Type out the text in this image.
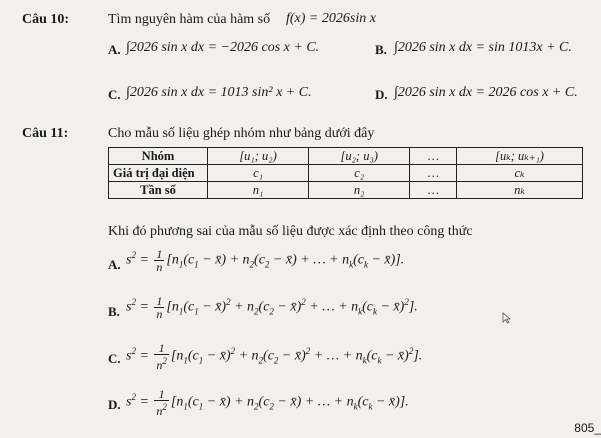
Câu 10:	Tìm nguyên hàm của hàm số f(x) = 2026sin x
A. ∫2026 sin x dx = −2026 cos x + C.	B. ∫2026 sin x dx = sin 1013x + C.
C. ∫2026 sin x dx = 1013 sin² x + C.	D. ∫2026 sin x dx = 2026 cos x + C.
Câu 11:	Cho mẫu số liệu ghép nhóm như bảng dưới đây
Nhóm	[u₁; u₂)	[u₂; u₃)	…	[uₖ; uₖ₊₁)
Giá trị đại diện	c₁	c₂	…	cₖ
Tần số	n₁	n₂	…	nₖ
Khi đó phương sai của mẫu số liệu được xác định theo công thức
A. $s^2 = \frac{1}{n} [n_1(c_1$ − x̄) + $n_2(c_2$ − x̄) + … + $n_k(c_k$ − x̄)].
B. $s^2 = \frac{1}{n} [n_1(c_1$ − x̄)$^2$ + $n_2(c_2$ − x̄)$^2$ + … + $n_k(c_k$ − x̄)$^2$].
C. $s^2 = \frac{1}{n^2} [n_1(c_1$ − x̄)$^2$ + $n_2(c_2$ − x̄)$^2$ + … + $n_k(c_k$ − x̄)$^2$].
D. $s^2 = \frac{1}{n^2} [n_1(c_1$ − x̄) + $n_2(c_2$ − x̄) + … + $n_k(c_k$ − x̄)].
805_
